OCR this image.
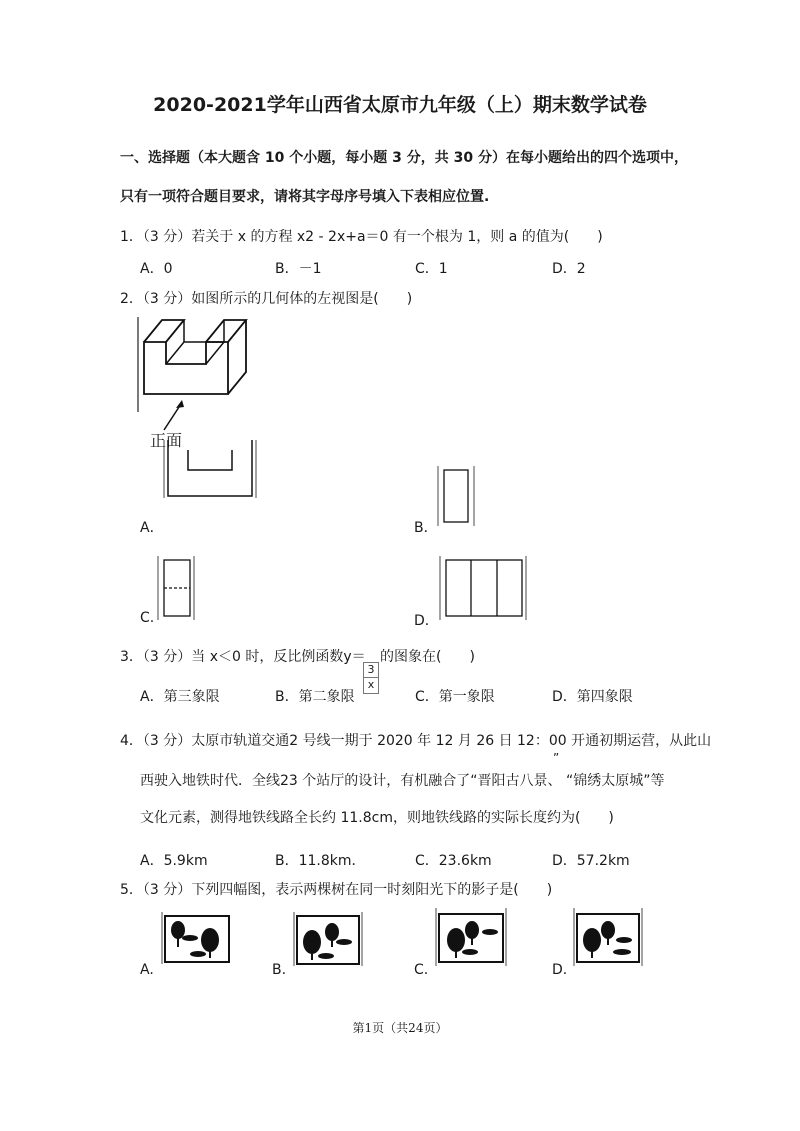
2020-2021学年山西省太原市九年级（上）期末数学试卷
一、选择题（本大题含 10 个小题，每小题 3 分，共 30 分）在每小题给出的四个选项中，
只有一项符合题目要求，请将其字母序号填入下表相应位置.
1．（3 分）若关于 x 的方程 x2 - 2x+a＝0 有一个根为 1，则 a 的值为(　　)
A．0	B．－1	C．1	D．2
2．（3 分）如图所示的几何体的左视图是(　　)
正面
A．	B．
C.	D．
3．（3 分）当 x＜0 时，反比例函数y＝
$\frac{3}{x}$
的图象在(　　)
A．第三象限	B．第二象限	C．第一象限	D．第四象限
4．（3 分）太原市轨道交通2 号线一期于 2020 年 12 月 26 日 12：00 开通初期运营，从此山
”
西驶入地铁时代．全线23 个站厅的设计，有机融合了“晋阳古八景、 “锦绣太原城”等
文化元素，测得地铁线路全长约 11.8cm，则地铁线路的实际长度约为(　　)
A．5.9km	B．11.8km．	C．23.6km	D．57.2km
5．（3 分）下列四幅图，表示两棵树在同一时刻阳光下的影子是(　　)
A.	B.	C.	D.
第1页（共24页）
